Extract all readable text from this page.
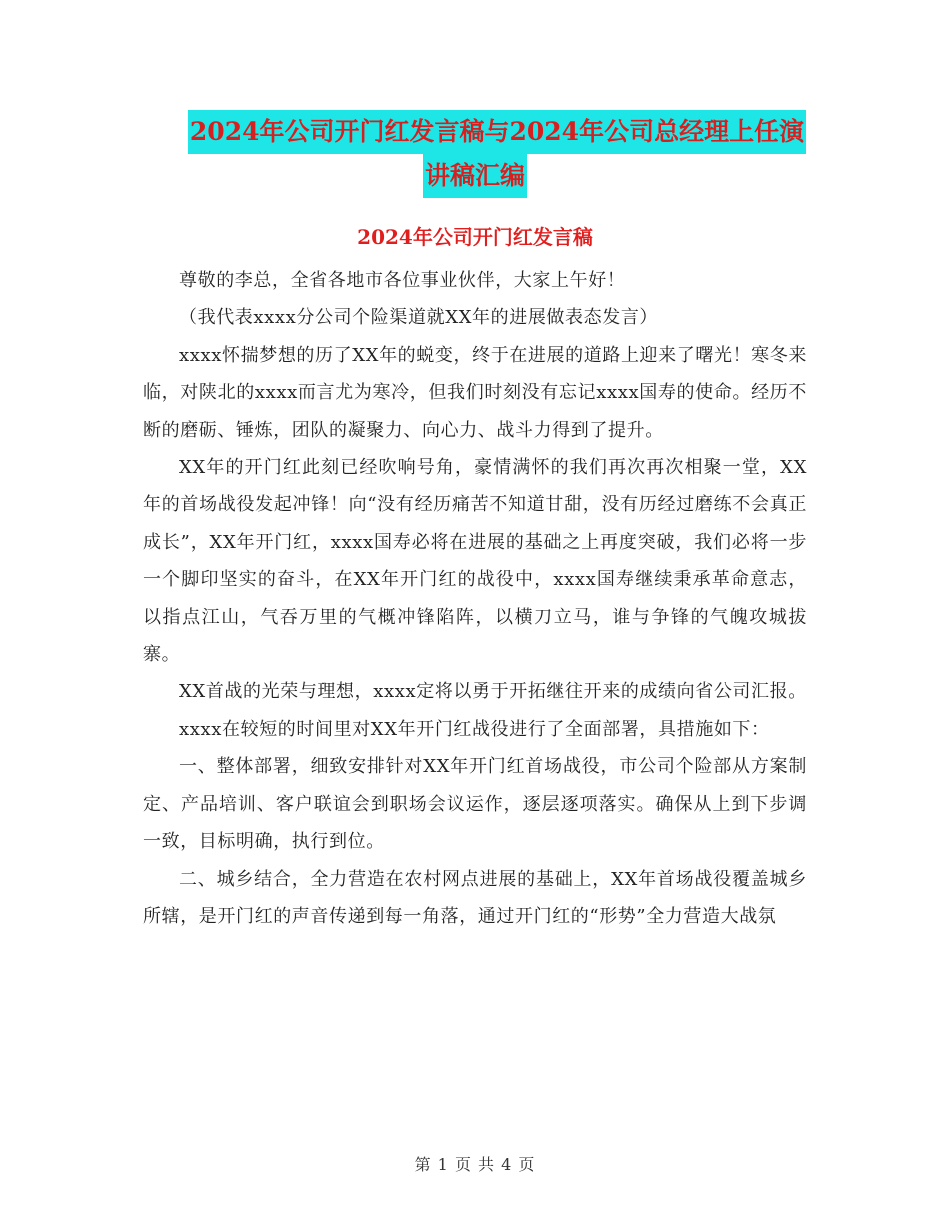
2024年公司开门红发言稿与2024年公司总经理上任演
讲稿汇编
2024年公司开门红发言稿

尊敬的李总，全省各地市各位事业伙伴，大家上午好！

（我代表xxxx分公司个险渠道就XX年的进展做表态发言）

xxxx怀揣梦想的历了XX年的蜕变，终于在进展的道路上迎来了曙光！寒冬来临，对陕北的xxxx而言尤为寒冷，但我们时刻没有忘记xxxx国寿的使命。经历不断的磨砺、锤炼，团队的凝聚力、向心力、战斗力得到了提升。

XX年的开门红此刻已经吹响号角，豪情满怀的我们再次再次相聚一堂，XX年的首场战役发起冲锋！向“没有经历痛苦不知道甘甜，没有历经过磨练不会真正成长”，XX年开门红，xxxx国寿必将在进展的基础之上再度突破，我们必将一步一个脚印坚实的奋斗，在XX年开门红的战役中，xxxx国寿继续秉承革命意志，以指点江山，气吞万里的气概冲锋陷阵，以横刀立马，谁与争锋的气魄攻城拔寨。

XX首战的光荣与理想，xxxx定将以勇于开拓继往开来的成绩向省公司汇报。

xxxx在较短的时间里对XX年开门红战役进行了全面部署，具措施如下：

一、整体部署，细致安排针对XX年开门红首场战役，市公司个险部从方案制定、产品培训、客户联谊会到职场会议运作，逐层逐项落实。确保从上到下步调一致，目标明确，执行到位。

二、城乡结合，全力营造在农村网点进展的基础上，XX年首场战役覆盖城乡所辖，是开门红的声音传递到每一角落，通过开门红的“形势”全力营造大战氛

第 1 页 共 4 页
